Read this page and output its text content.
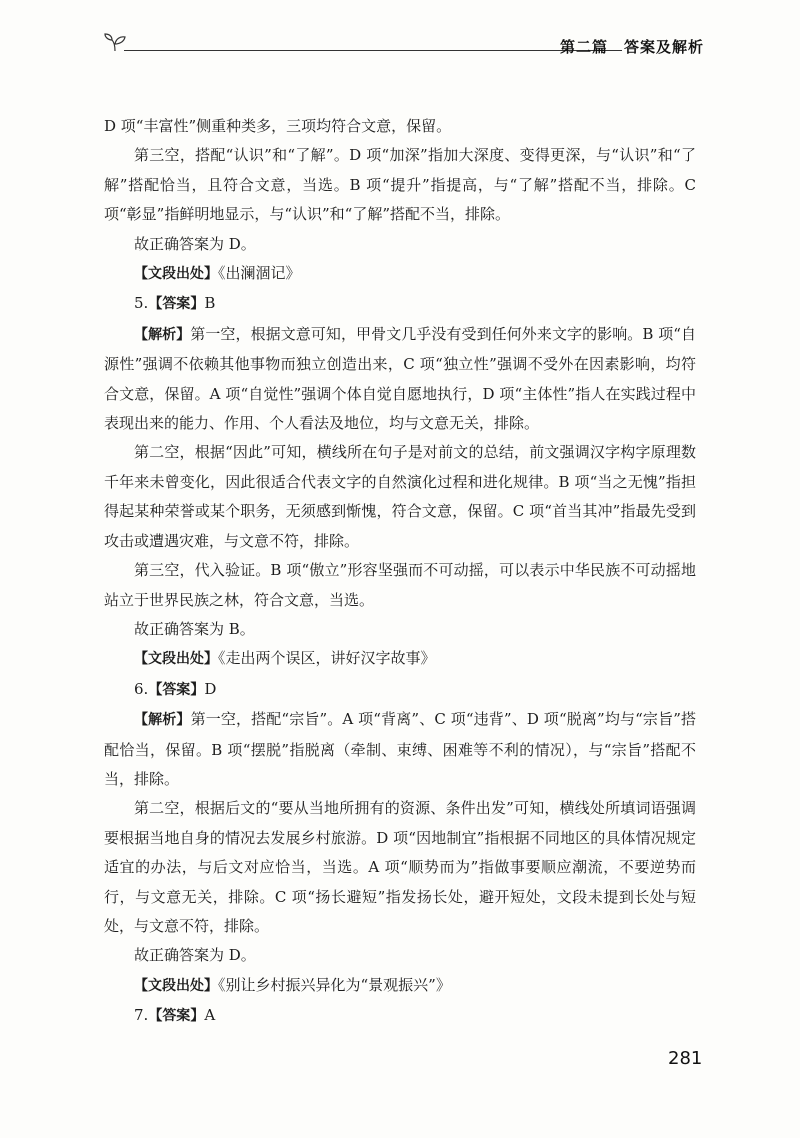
第二篇　答案及解析

D 项“丰富性”侧重种类多，三项均符合文意，保留。

第三空，搭配“认识”和“了解”。D 项“加深”指加大深度、变得更深，与“认识”和“了解”搭配恰当，且符合文意，当选。B 项“提升”指提高，与“了解”搭配不当，排除。C 项“彰显”指鲜明地显示，与“认识”和“了解”搭配不当，排除。

故正确答案为 D。

【文段出处】《出澜涸记》

5.【答案】B

【解析】第一空，根据文意可知，甲骨文几乎没有受到任何外来文字的影响。B 项“自源性”强调不依赖其他事物而独立创造出来，C 项“独立性”强调不受外在因素影响，均符合文意，保留。A 项“自觉性”强调个体自觉自愿地执行，D 项“主体性”指人在实践过程中表现出来的能力、作用、个人看法及地位，均与文意无关，排除。

第二空，根据“因此”可知，横线所在句子是对前文的总结，前文强调汉字构字原理数千年来未曾变化，因此很适合代表文字的自然演化过程和进化规律。B 项“当之无愧”指担得起某种荣誉或某个职务，无须感到惭愧，符合文意，保留。C 项“首当其冲”指最先受到攻击或遭遇灾难，与文意不符，排除。

第三空，代入验证。B 项“傲立”形容坚强而不可动摇，可以表示中华民族不可动摇地站立于世界民族之林，符合文意，当选。

故正确答案为 B。

【文段出处】《走出两个误区，讲好汉字故事》

6.【答案】D

【解析】第一空，搭配“宗旨”。A 项“背离”、C 项“违背”、D 项“脱离”均与“宗旨”搭配恰当，保留。B 项“摆脱”指脱离（牵制、束缚、困难等不利的情况），与“宗旨”搭配不当，排除。

第二空，根据后文的“要从当地所拥有的资源、条件出发”可知，横线处所填词语强调要根据当地自身的情况去发展乡村旅游。D 项“因地制宜”指根据不同地区的具体情况规定适宜的办法，与后文对应恰当，当选。A 项“顺势而为”指做事要顺应潮流，不要逆势而行，与文意无关，排除。C 项“扬长避短”指发扬长处，避开短处，文段未提到长处与短处，与文意不符，排除。

故正确答案为 D。

【文段出处】《别让乡村振兴异化为“景观振兴”》

7.【答案】A

281
